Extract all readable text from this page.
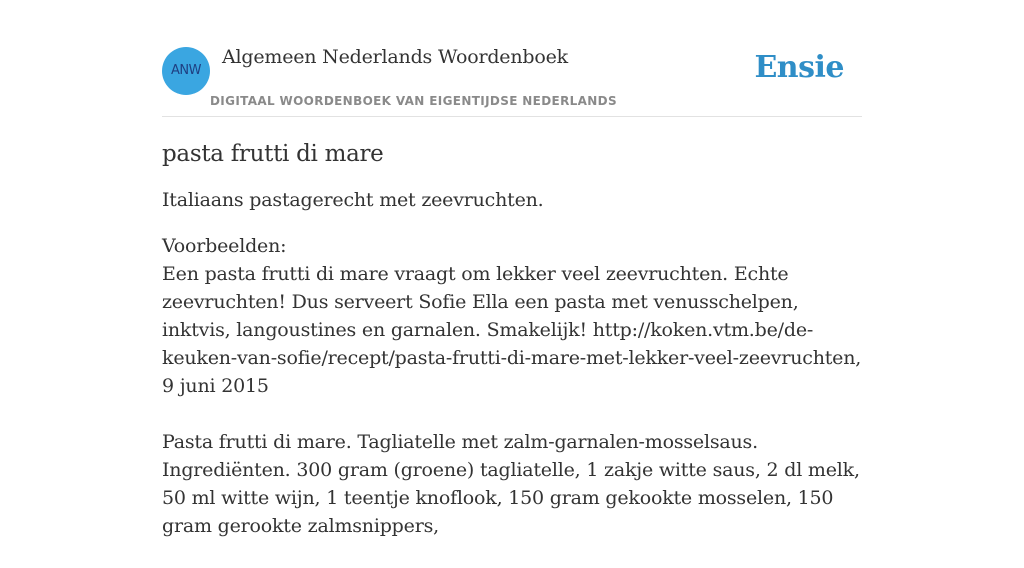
ANW
Algemeen Nederlands Woordenboek
DIGITAAL WOORDENBOEK VAN EIGENTIJDSE NEDERLANDS
Ensie
pasta frutti di mare
Italiaans pastagerecht met zeevruchten.
Voorbeelden:

Een pasta frutti di mare vraagt om lekker veel zeevruchten. Echte zeevruchten! Dus serveert Sofie Ella een pasta met venusschelpen, inktvis, langoustines en garnalen. Smakelijk! http://koken.vtm.be/de-keuken-van-sofie/recept/pasta-frutti-di-mare-met-lekker-veel-zeevruchten, 9 juni 2015

Pasta frutti di mare. Tagliatelle met zalm-garnalen-mosselsaus. Ingrediënten. 300 gram (groene) tagliatelle, 1 zakje witte saus, 2 dl melk, 50 ml witte wijn, 1 teentje knoflook, 150 gram gekookte mosselen, 150 gram gerookte zalmsnippers,
